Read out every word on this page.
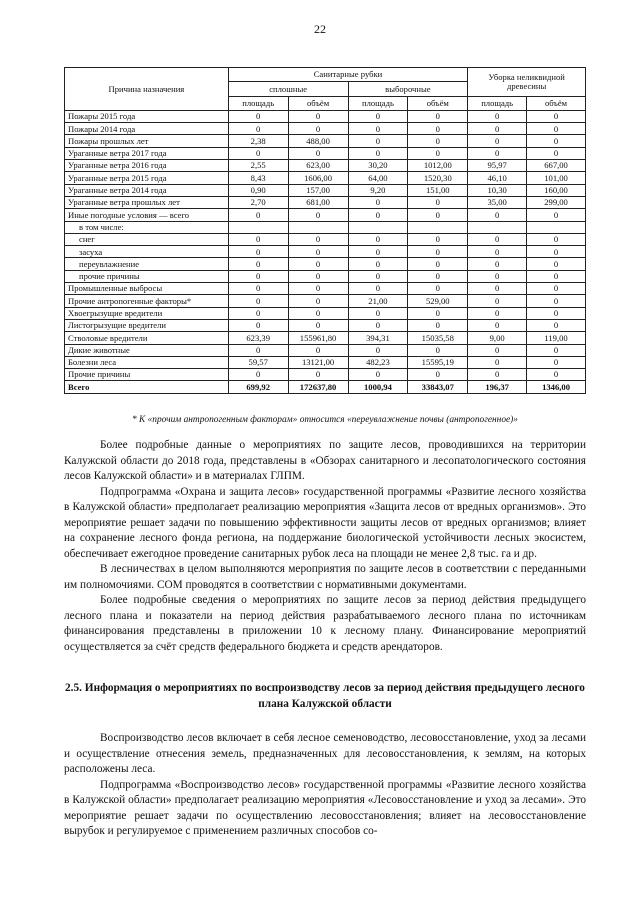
22
Причина назначения	Санитарные рубки				Уборка неликвидной древесины	
	сплошные		выборочные			
	площадь	объём	площадь	объём	площадь	объём
Пожары 2015 года	0	0	0	0	0	0
Пожары 2014 года	0	0	0	0	0	0
Пожары прошлых лет	2,38	488,00	0	0	0	0
Ураганные ветра 2017 года	0	0	0	0	0	0
Ураганные ветра 2016 года	2,55	623,00	30,20	1012,00	95,97	667,00
Ураганные ветра 2015 года	8,43	1606,00	64,00	1520,30	46,10	101,00
Ураганные ветра 2014 года	0,90	157,00	9,20	151,00	10,30	160,00
Ураганные ветра прошлых лет	2,70	681,00	0	0	35,00	299,00
Иные погодные условия — всего	0	0	0	0	0	0
в том числе:						
снег	0	0	0	0	0	0
засуха	0	0	0	0	0	0
переувлажнение	0	0	0	0	0	0
прочие причины	0	0	0	0	0	0
Промышленные выбросы	0	0	0	0	0	0
Прочие антропогенные факторы*	0	0	21,00	529,00	0	0
Хвоегрызущие вредители	0	0	0	0	0	0
Листогрызущие вредители	0	0	0	0	0	0
Стволовые вредители	623,39	155961,80	394,31	15035,58	9,00	119,00
Дикие животные	0	0	0	0	0	0
Болезни леса	59,57	13121,00	482,23	15595,19	0	0
Прочие причины	0	0	0	0	0	0
Всего	699,92	172637,80	1000,94	33843,07	196,37	1346,00
* К «прочим антропогенным факторам» относится «переувлажнение почвы (антропогенное)»

Более подробные данные о мероприятиях по защите лесов, проводившихся на территории Калужской области до 2018 года, представлены в «Обзорах санитарного и лесопатологического состояния лесов Калужской области» и в материалах ГЛПМ.

Подпрограмма «Охрана и защита лесов» государственной программы «Развитие лесного хозяйства в Калужской области» предполагает реализацию мероприятия «Защита лесов от вредных организмов». Это мероприятие решает задачи по повышению эффективности защиты лесов от вредных организмов; влияет на сохранение лесного фонда региона, на поддержание биологической устойчивости лесных экосистем, обеспечивает ежегодное проведение санитарных рубок леса на площади не менее 2,8 тыс. га и др.

В лесничествах в целом выполняются мероприятия по защите лесов в соответствии с переданными им полномочиями. СОМ проводятся в соответствии с нормативными документами.

Более подробные сведения о мероприятиях по защите лесов за период действия предыдущего лесного плана и показатели на период действия разрабатываемого лесного плана по источникам финансирования представлены в приложении 10 к лесному плану. Финансирование мероприятий осуществляется за счёт средств федерального бюджета и средств арендаторов.

2.5. Информация о мероприятиях по воспроизводству лесов за период действия предыдущего лесного плана Калужской области

Воспроизводство лесов включает в себя лесное семеноводство, лесовосстановление, уход за лесами и осуществление отнесения земель, предназначенных для лесовосстановления, к землям, на которых расположены леса.

Подпрограмма «Воспроизводство лесов» государственной программы «Развитие лесного хозяйства в Калужской области» предполагает реализацию мероприятия «Лесовосстановление и уход за лесами». Это мероприятие решает задачи по осуществлению лесовосстановления; влияет на лесовосстановление вырубок и регулируемое с применением различных способов со-
